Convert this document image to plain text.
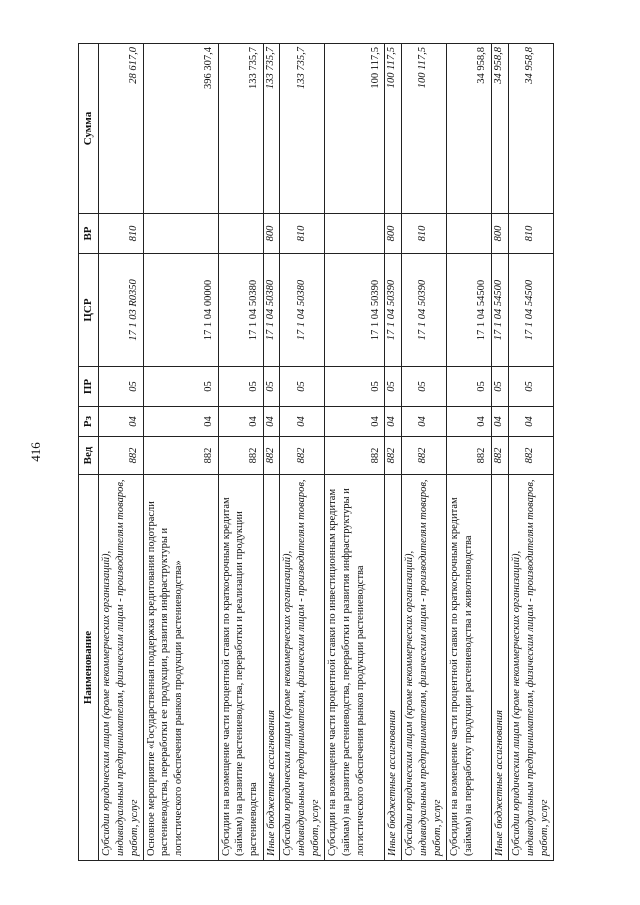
416
Наименование	Вед	Рз	ПР	ЦСР	ВР	Сумма
Субсидии юридическим лицам (кроме некоммерческих организаций), индивидуальным предпринимателям, физическим лицам - производителям товаров, работ, услуг	882	04	05	17 1 03 R0350	810	28 617,0
Основное мероприятие «Государственная поддержка кредитования подотрасли растениеводства, переработки ее продукции, развития инфраструктуры и логистического обеспечения рынков продукции растениеводства»	882	04	05	17 1 04 00000		396 307,4
Субсидии на возмещение части процентной ставки по краткосрочным кредитам (займам) на развитие растениеводства, переработки и реализации продукции растениеводства	882	04	05	17 1 04 50380		133 735,7
Иные бюджетные ассигнования	882	04	05	17 1 04 50380	800	133 735,7
Субсидии юридическим лицам (кроме некоммерческих организаций), индивидуальным предпринимателям, физическим лицам - производителям товаров, работ, услуг	882	04	05	17 1 04 50380	810	133 735,7
Субсидии на возмещение части процентной ставки по инвестиционным кредитам (займам) на развитие растениеводства, переработки и развития инфраструктуры и логистического обеспечения рынков продукции растениеводства	882	04	05	17 1 04 50390		100 117,5
Иные бюджетные ассигнования	882	04	05	17 1 04 50390	800	100 117,5
Субсидии юридическим лицам (кроме некоммерческих организаций), индивидуальным предпринимателям, физическим лицам - производителям товаров, работ, услуг	882	04	05	17 1 04 50390	810	100 117,5
Субсидии на возмещение части процентной ставки по краткосрочным кредитам (займам) на переработку продукции растениеводства и животноводства	882	04	05	17 1 04 54500		34 958,8
Иные бюджетные ассигнования	882	04	05	17 1 04 54500	800	34 958,8
Субсидии юридическим лицам (кроме некоммерческих организаций), индивидуальным предпринимателям, физическим лицам - производителям товаров, работ, услуг	882	04	05	17 1 04 54500	810	34 958,8
